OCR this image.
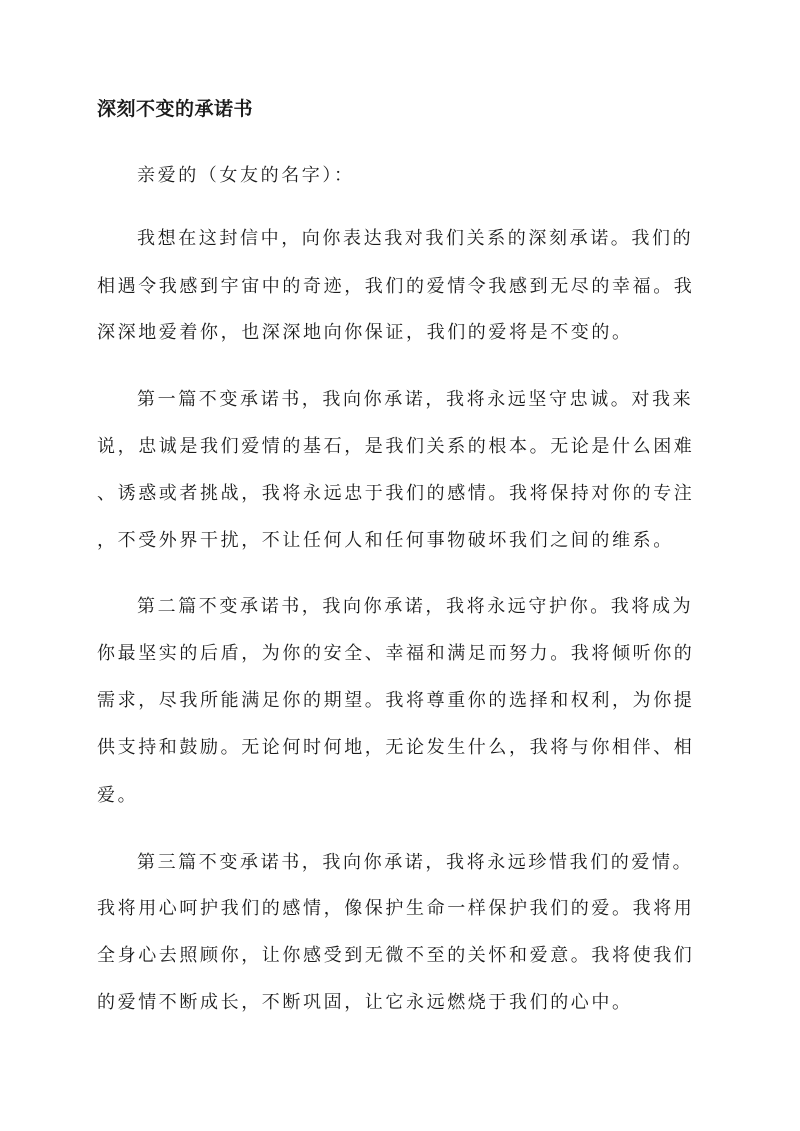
深刻不变的承诺书
亲爱的（女友的名字）：
我想在这封信中，向你表达我对我们关系的深刻承诺。我们的
相遇令我感到宇宙中的奇迹，我们的爱情令我感到无尽的幸福。我
深深地爱着你，也深深地向你保证，我们的爱将是不变的。
第一篇不变承诺书，我向你承诺，我将永远坚守忠诚。对我来
说，忠诚是我们爱情的基石，是我们关系的根本。无论是什么困难
、诱惑或者挑战，我将永远忠于我们的感情。我将保持对你的专注
，不受外界干扰，不让任何人和任何事物破坏我们之间的维系。
第二篇不变承诺书，我向你承诺，我将永远守护你。我将成为
你最坚实的后盾，为你的安全、幸福和满足而努力。我将倾听你的
需求，尽我所能满足你的期望。我将尊重你的选择和权利，为你提
供支持和鼓励。无论何时何地，无论发生什么，我将与你相伴、相
爱。
第三篇不变承诺书，我向你承诺，我将永远珍惜我们的爱情。
我将用心呵护我们的感情，像保护生命一样保护我们的爱。我将用
全身心去照顾你，让你感受到无微不至的关怀和爱意。我将使我们
的爱情不断成长，不断巩固，让它永远燃烧于我们的心中。
